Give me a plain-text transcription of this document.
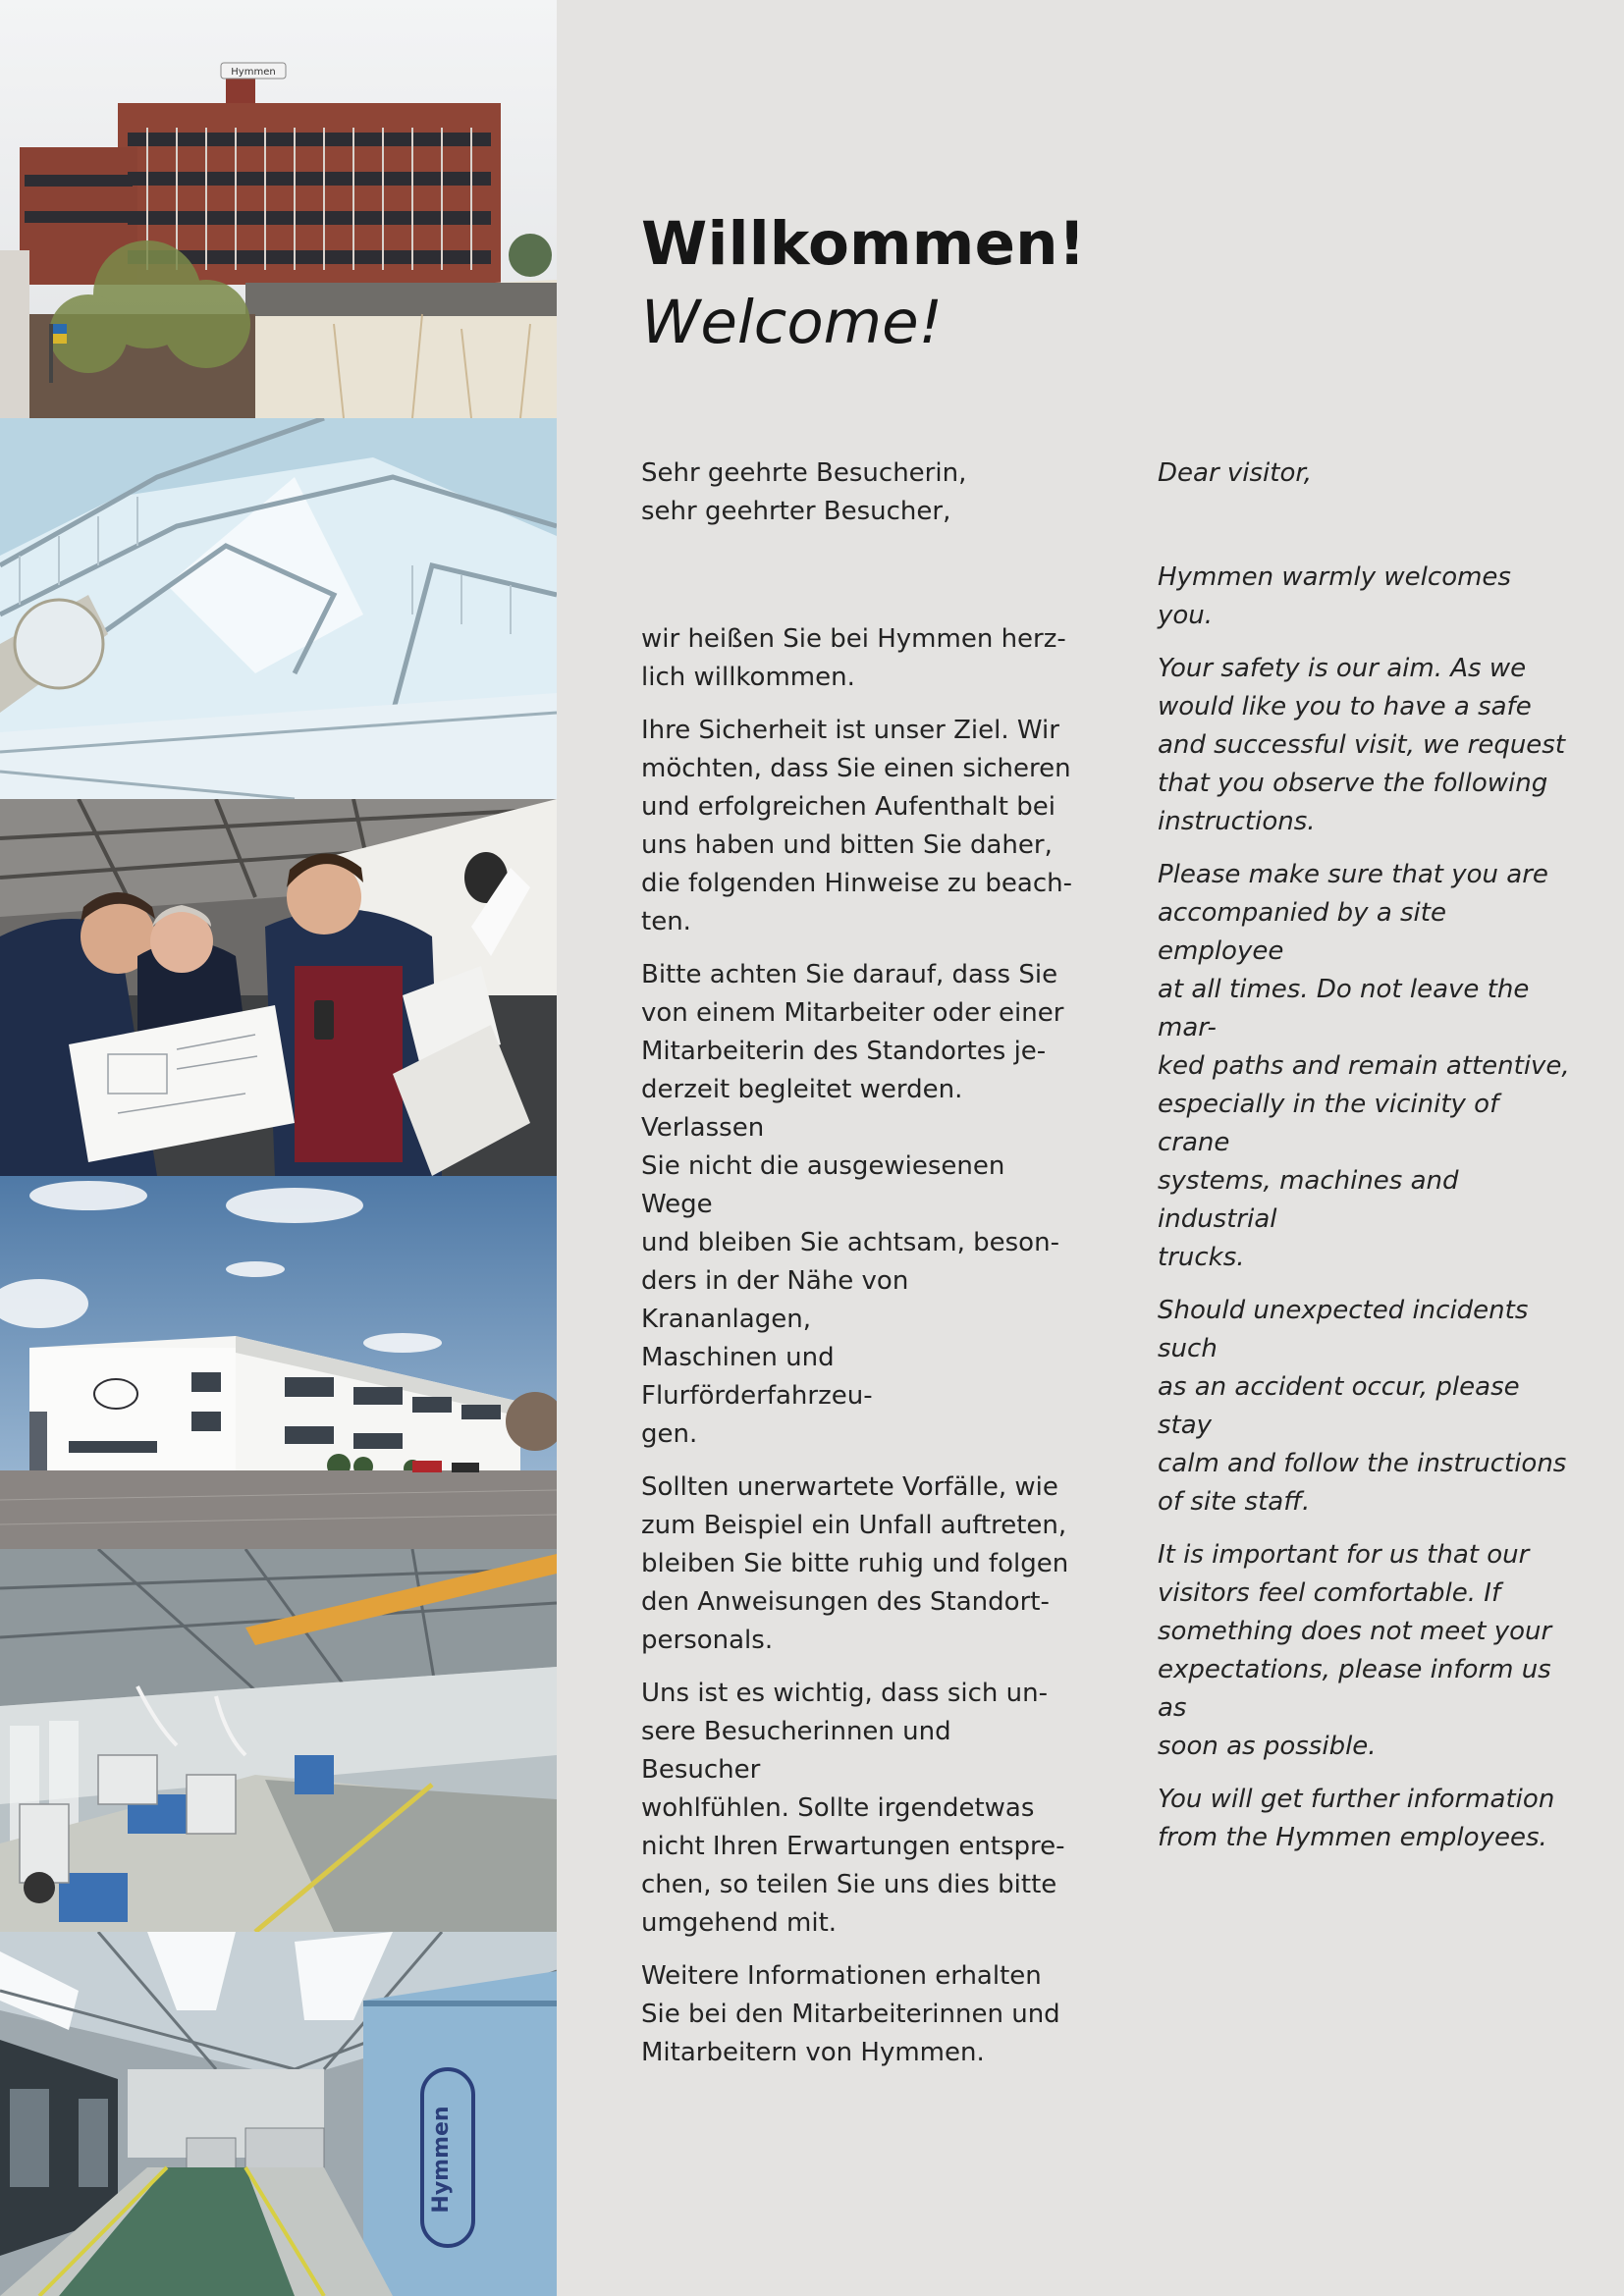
Hymmen
Hymmen
Willkommen!
Welcome!

Sehr geehrte Besucherin,
sehr geehrter Besucher,

wir heißen Sie bei Hymmen herz-
lich willkommen.

Ihre Sicherheit ist unser Ziel. Wir
möchten, dass Sie einen sicheren
und erfolgreichen Aufenthalt bei
uns haben und bitten Sie daher,
die folgenden Hinweise zu beach-
ten.

Bitte achten Sie darauf, dass Sie
von einem Mitarbeiter oder einer
Mitarbeiterin des Standortes je-
derzeit begleitet werden. Verlassen
Sie nicht die ausgewiesenen Wege
und bleiben Sie achtsam, beson-
ders in der Nähe von Krananlagen,
Maschinen und Flurförderfahrzeu-
gen.

Sollten unerwartete Vorfälle, wie
zum Beispiel ein Unfall auftreten,
bleiben Sie bitte ruhig und folgen
den Anweisungen des Standort-
personals.

Uns ist es wichtig, dass sich un-
sere Besucherinnen und Besucher
wohlfühlen. Sollte irgendetwas
nicht Ihren Erwartungen entspre-
chen, so teilen Sie uns dies bitte
umgehend mit.

Weitere Informationen erhalten
Sie bei den Mitarbeiterinnen und
Mitarbeitern von Hymmen.

Dear visitor,

Hymmen warmly welcomes you.

Your safety is our aim. As we
would like you to have a safe
and successful visit, we request
that you observe the following
instructions.

Please make sure that you are
accompanied by a site employee
at all times. Do not leave the mar-
ked paths and remain attentive,
especially in the vicinity of crane
systems, machines and industrial
trucks.

Should unexpected incidents such
as an accident occur, please stay
calm and follow the instructions
of site staff.

It is important for us that our
visitors feel comfortable. If
something does not meet your
expectations, please inform us as
soon as possible.

You will get further information
from the Hymmen employees.
